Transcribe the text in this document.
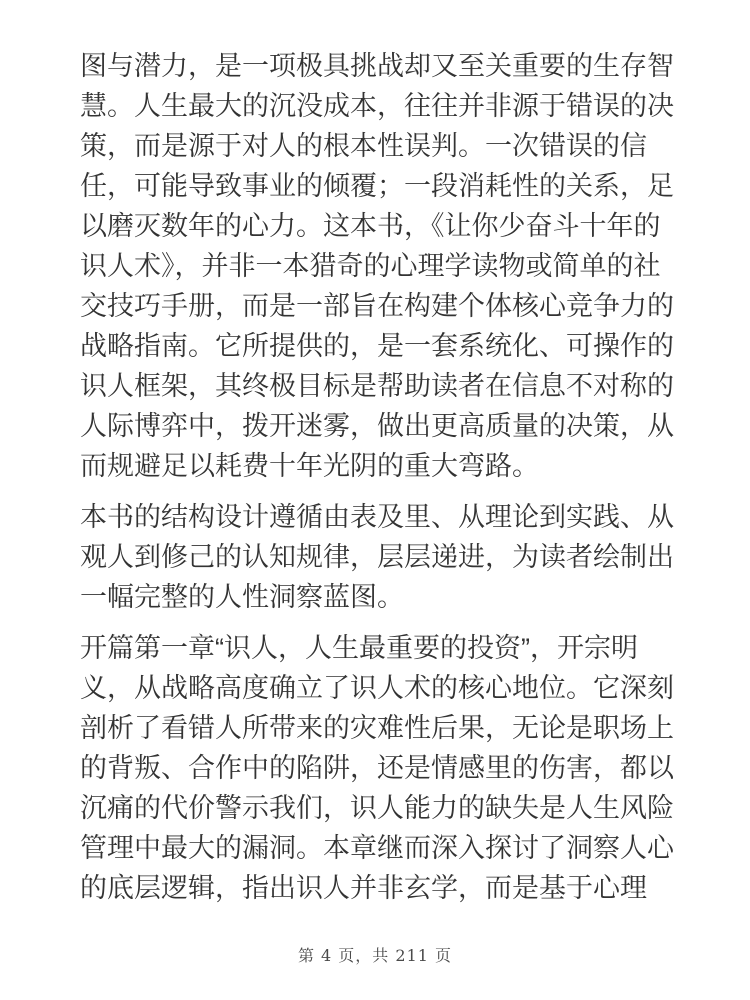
图与潜力，是一项极具挑战却又至关重要的生存智
慧。人生最大的沉没成本，往往并非源于错误的决
策，而是源于对人的根本性误判。一次错误的信
任，可能导致事业的倾覆；一段消耗性的关系，足
以磨灭数年的心力。这本书，《让你少奋斗十年的
识人术》，并非一本猎奇的心理学读物或简单的社
交技巧手册，而是一部旨在构建个体核心竞争力的
战略指南。它所提供的，是一套系统化、可操作的
识人框架，其终极目标是帮助读者在信息不对称的
人际博弈中，拨开迷雾，做出更高质量的决策，从
而规避足以耗费十年光阴的重大弯路。
本书的结构设计遵循由表及里、从理论到实践、从
观人到修己的认知规律，层层递进，为读者绘制出
一幅完整的人性洞察蓝图。
开篇第一章“识人，人生最重要的投资”，开宗明
义，从战略高度确立了识人术的核心地位。它深刻
剖析了看错人所带来的灾难性后果，无论是职场上
的背叛、合作中的陷阱，还是情感里的伤害，都以
沉痛的代价警示我们，识人能力的缺失是人生风险
管理中最大的漏洞。本章继而深入探讨了洞察人心
的底层逻辑，指出识人并非玄学，而是基于心理
第 4 页，共 211 页
